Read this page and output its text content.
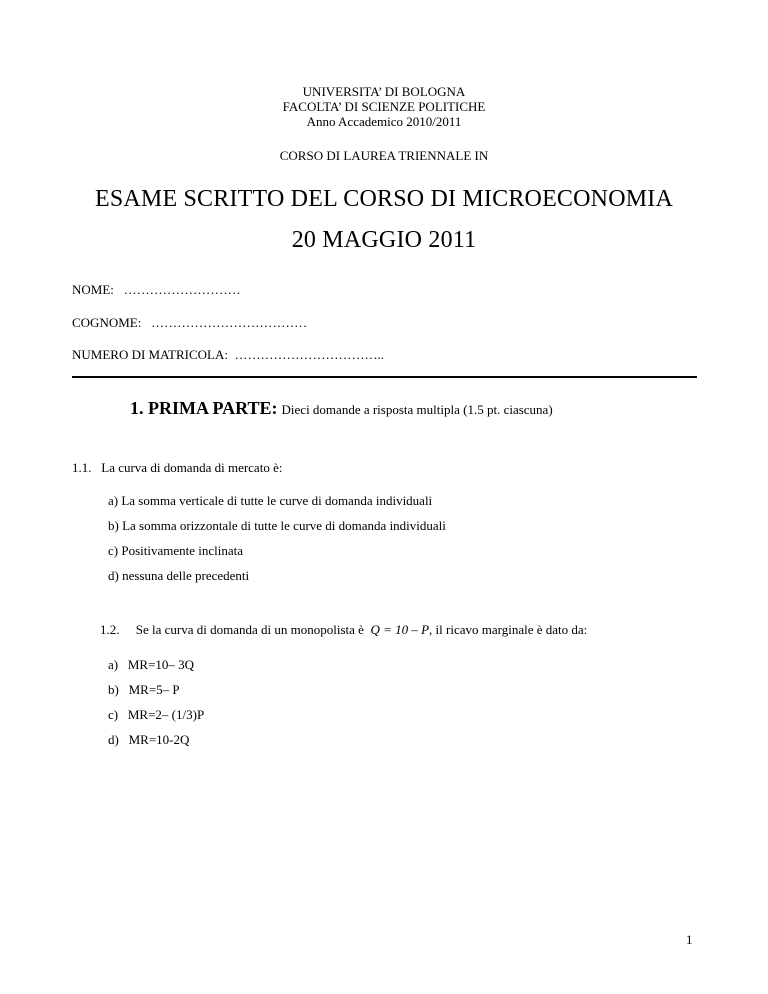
UNIVERSITA’ DI BOLOGNA
FACOLTA’ DI SCIENZE POLITICHE
Anno Accademico 2010/2011
CORSO DI LAUREA TRIENNALE IN
ESAME SCRITTO DEL CORSO DI MICROECONOMIA
20 MAGGIO 2011
NOME: ………………………
COGNOME: ………………………………
NUMERO DI MATRICOLA: ……………………………..
1. PRIMA PARTE: Dieci domande a risposta multipla (1.5 pt. ciascuna)
1.1. La curva di domanda di mercato è:
a) La somma verticale di tutte le curve di domanda individuali
b) La somma orizzontale di tutte le curve di domanda individuali
c) Positivamente inclinata
d) nessuna delle precedenti
1.2. Se la curva di domanda di un monopolista è  Q = 10 – P, il ricavo marginale è dato da:
a) MR=10– 3Q
b) MR=5– P
c) MR=2– (1/3)P
d) MR=10-2Q
1
